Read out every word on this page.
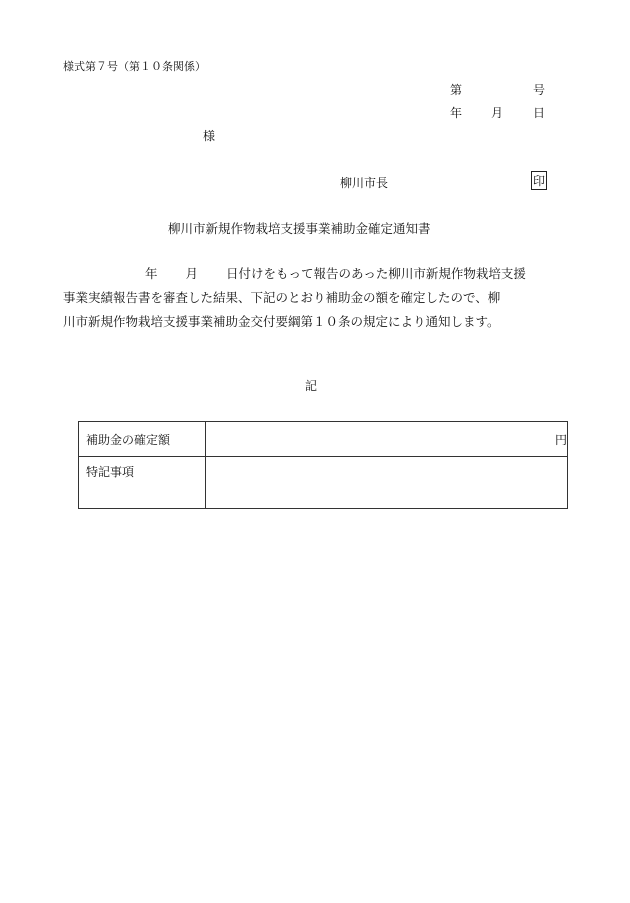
様式第７号（第１０条関係）
第	号
年 月 日
様
柳川市長	印
柳川市新規作物栽培支援事業補助金確定通知書
年 月 日付けをもって報告のあった柳川市新規作物栽培支援
事業実績報告書を審査した結果、下記のとおり補助金の額を確定したので、柳
川市新規作物栽培支援事業補助金交付要綱第１０条の規定により通知します。
記
補助金の確定額	円
特記事項	
